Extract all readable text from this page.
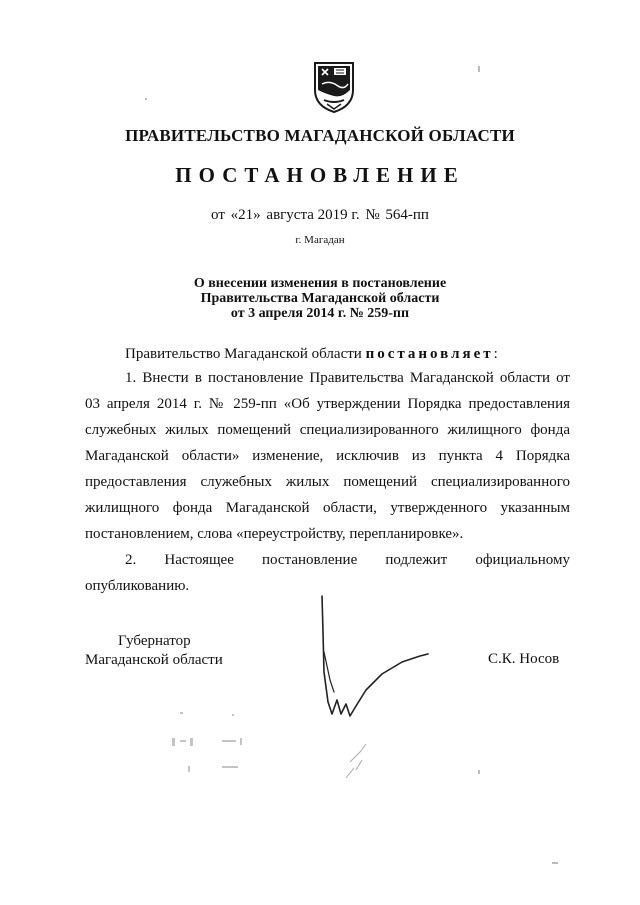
ПРАВИТЕЛЬСТВО МАГАДАНСКОЙ ОБЛАСТИ
ПОСТАНОВЛЕНИЕ
от «21» августа 2019 г. № 564-пп
г. Магадан
О внесении изменения в постановление
Правительства Магаданской области
от 3 апреля 2014 г. № 259-пп
Правительство Магаданской области постановляет:
1. Внести в постановление Правительства Магаданской области от 03 апреля 2014 г. № 259-пп «Об утверждении Порядка предоставления служебных жилых помещений специализированного жилищного фонда Магаданской области» изменение, исключив из пункта 4 Порядка предоставления служебных жилых помещений специализированного жилищного фонда Магаданской области, утвержденного указанным постановлением, слова «переустройству, перепланировке».
2. Настоящее постановление подлежит официальному опубликованию.
Губернатор
Магаданской области	С.К. Носов
